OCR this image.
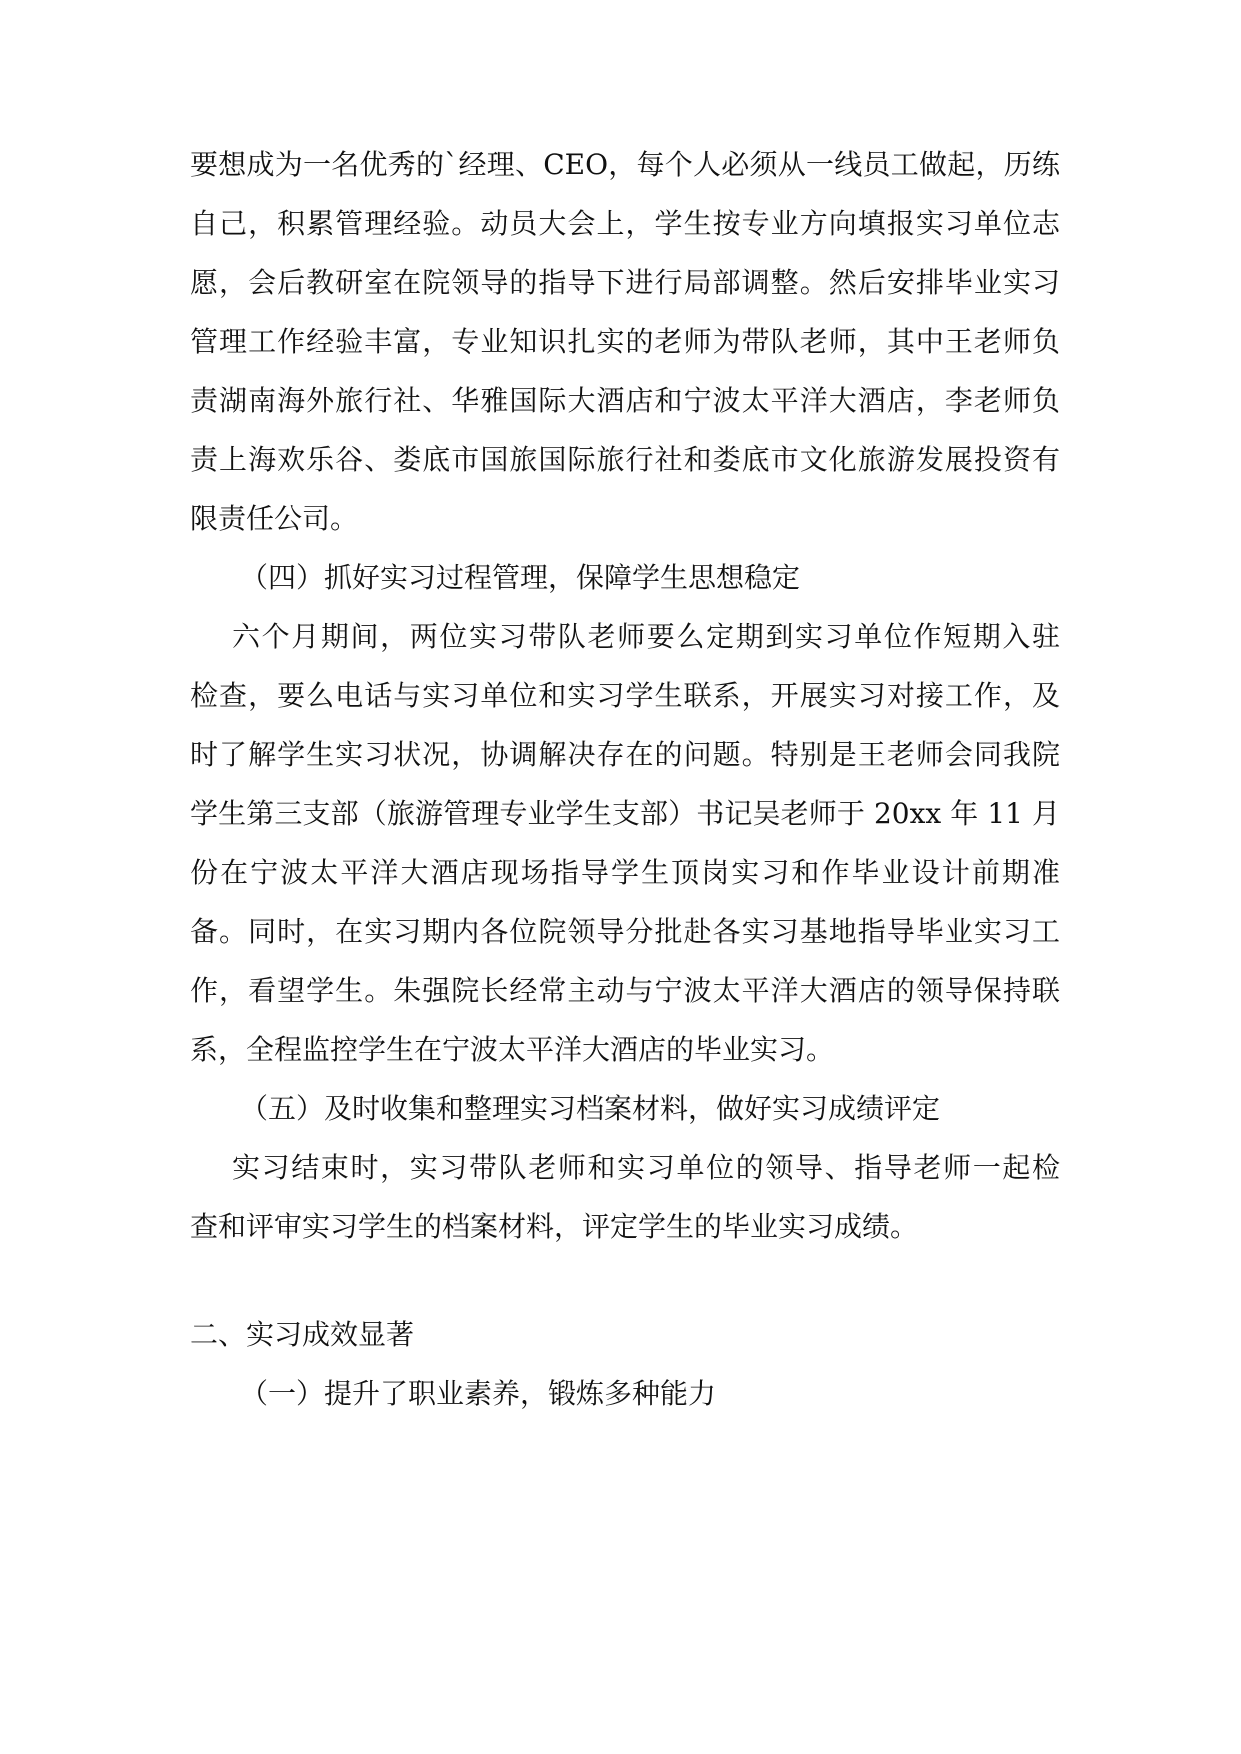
要想成为一名优秀的`经理、CEO，每个人必须从一线员工做起，历练
自己，积累管理经验。动员大会上，学生按专业方向填报实习单位志
愿，会后教研室在院领导的指导下进行局部调整。然后安排毕业实习
管理工作经验丰富，专业知识扎实的老师为带队老师，其中王老师负
责湖南海外旅行社、华雅国际大酒店和宁波太平洋大酒店，李老师负
责上海欢乐谷、娄底市国旅国际旅行社和娄底市文化旅游发展投资有
限责任公司。
（四）抓好实习过程管理，保障学生思想稳定
六个月期间，两位实习带队老师要么定期到实习单位作短期入驻
检查，要么电话与实习单位和实习学生联系，开展实习对接工作，及
时了解学生实习状况，协调解决存在的问题。特别是王老师会同我院
学生第三支部（旅游管理专业学生支部）书记吴老师于 20xx 年 11 月
份在宁波太平洋大酒店现场指导学生顶岗实习和作毕业设计前期准
备。同时，在实习期内各位院领导分批赴各实习基地指导毕业实习工
作，看望学生。朱强院长经常主动与宁波太平洋大酒店的领导保持联
系，全程监控学生在宁波太平洋大酒店的毕业实习。
（五）及时收集和整理实习档案材料，做好实习成绩评定
实习结束时，实习带队老师和实习单位的领导、指导老师一起检
查和评审实习学生的档案材料，评定学生的毕业实习成绩。
二、实习成效显著
（一）提升了职业素养，锻炼多种能力
